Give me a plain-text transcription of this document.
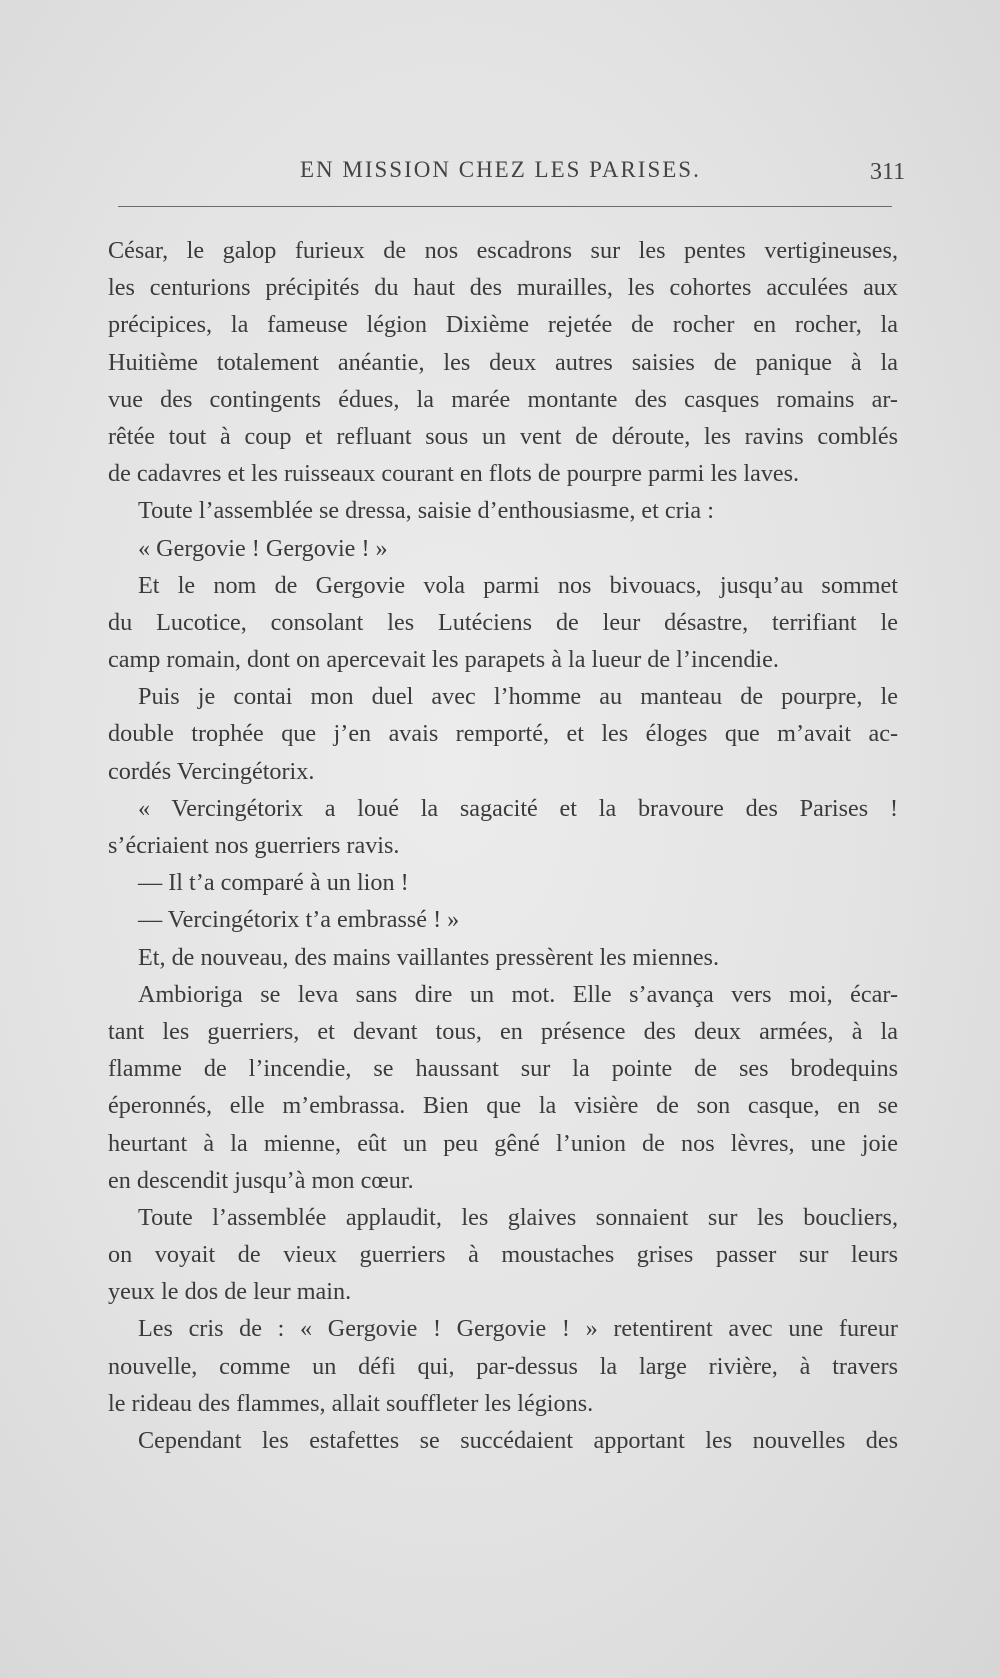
EN MISSION CHEZ LES PARISES.	311
César, le galop furieux de nos escadrons sur les pentes vertigineuses,
les centurions précipités du haut des murailles, les cohortes acculées aux
précipices, la fameuse légion Dixième rejetée de rocher en rocher, la
Huitième totalement anéantie, les deux autres saisies de panique à la
vue des contingents édues, la marée montante des casques romains ar-
rêtée tout à coup et refluant sous un vent de déroute, les ravins comblés
de cadavres et les ruisseaux courant en flots de pourpre parmi les laves.
Toute l’assemblée se dressa, saisie d’enthousiasme, et cria :
« Gergovie ! Gergovie ! »
Et le nom de Gergovie vola parmi nos bivouacs, jusqu’au sommet
du Lucotice, consolant les Lutéciens de leur désastre, terrifiant le
camp romain, dont on apercevait les parapets à la lueur de l’incendie.
Puis je contai mon duel avec l’homme au manteau de pourpre, le
double trophée que j’en avais remporté, et les éloges que m’avait ac-
cordés Vercingétorix.
« Vercingétorix a loué la sagacité et la bravoure des Parises !
s’écriaient nos guerriers ravis.
— Il t’a comparé à un lion !
— Vercingétorix t’a embrassé ! »
Et, de nouveau, des mains vaillantes pressèrent les miennes.
Ambioriga se leva sans dire un mot. Elle s’avança vers moi, écar-
tant les guerriers, et devant tous, en présence des deux armées, à la
flamme de l’incendie, se haussant sur la pointe de ses brodequins
éperonnés, elle m’embrassa. Bien que la visière de son casque, en se
heurtant à la mienne, eût un peu gêné l’union de nos lèvres, une joie
en descendit jusqu’à mon cœur.
Toute l’assemblée applaudit, les glaives sonnaient sur les boucliers,
on voyait de vieux guerriers à moustaches grises passer sur leurs
yeux le dos de leur main.
Les cris de : « Gergovie ! Gergovie ! » retentirent avec une fureur
nouvelle, comme un défi qui, par-dessus la large rivière, à travers
le rideau des flammes, allait souffleter les légions.
Cependant les estafettes se succédaient apportant les nouvelles des
